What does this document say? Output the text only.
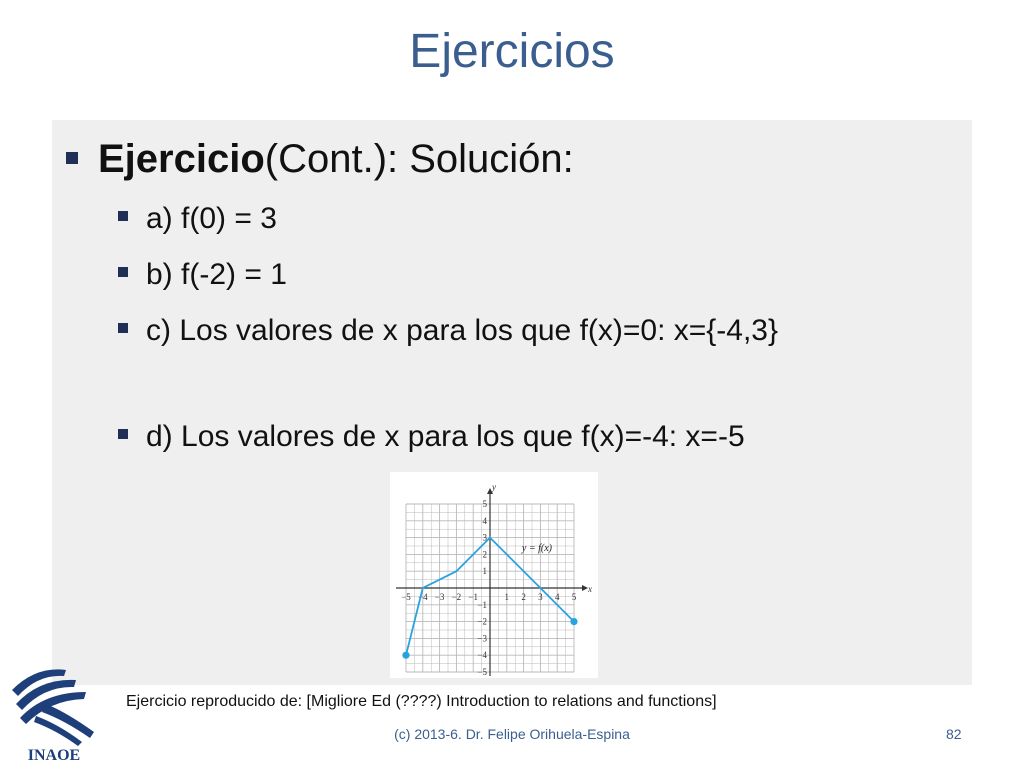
Ejercicios
Ejercicio (Cont.): Solución:
a) f(0) = 3
b) f(-2) = 1
c) Los valores de x para los que f(x)=0: x={-4,3}
d) Los valores de x para los que f(x)=-4: x=-5
x
y
−5 −4 −3 −2 −1	1 2 3 4 5
5
4
3
2
1
−1
−2
−3
−4
−5
y = f(x)
INAOE
Ejercicio reproducido de: [Migliore Ed (????) Introduction to relations and functions]
(c) 2013-6. Dr. Felipe Orihuela-Espina	82
